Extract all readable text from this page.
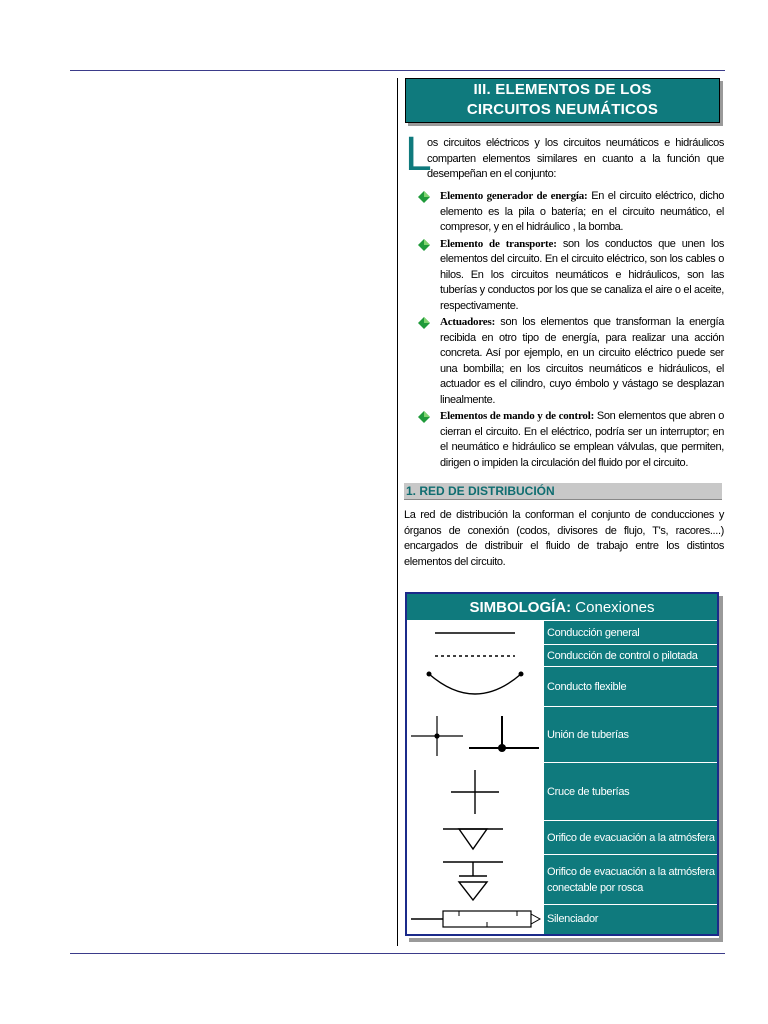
III. ELEMENTOS DE LOS
CIRCUITOS NEUMÁTICOS
L
os circuitos eléctricos y los circuitos neumáticos e hidráulicos comparten elementos similares en cuanto a la función que desempeñan en el conjunto:
Elemento generador de energía: En el circuito eléctrico, dicho elemento es la pila o batería; en el circuito neumático, el compresor, y en el hidráulico , la bomba.
Elemento de transporte: son los conductos que unen los elementos del circuito. En el circuito eléctrico, son los cables o hilos. En los circuitos neumáticos e hidráulicos, son las tuberías y conductos por los que se canaliza el aire o el aceite, respectivamente.
Actuadores: son los elementos que transforman la energía recibida en otro tipo de energía, para realizar una acción concreta. Así por ejemplo, en un circuito eléctrico puede ser una bombilla; en los circuitos neumáticos e hidráulicos, el actuador es el cilindro, cuyo émbolo y vástago se desplazan linealmente.
Elementos de mando y de control: Son elementos que abren o cierran el circuito. En el eléctrico, podría ser un interruptor; en el neumático e hidráulico se emplean válvulas, que permiten, dirigen o impiden la circulación del fluido por el circuito.
1. RED DE DISTRIBUCIÓN
La red de distribución la conforman el conjunto de conducciones y órganos de conexión (codos, divisores de flujo, T's, racores....) encargados de distribuir el fluido de trabajo entre los distintos elementos del circuito.
SIMBOLOGÍA: Conexiones	

	Conducción general

	Conducción de control o pilotada

	Conducto flexible

	Unión de tuberías

	Cruce de tuberías

	Orifico de evacuación a la atmósfera

	Orifico de evacuación a la atmósfera conectable por rosca

	Silenciador
